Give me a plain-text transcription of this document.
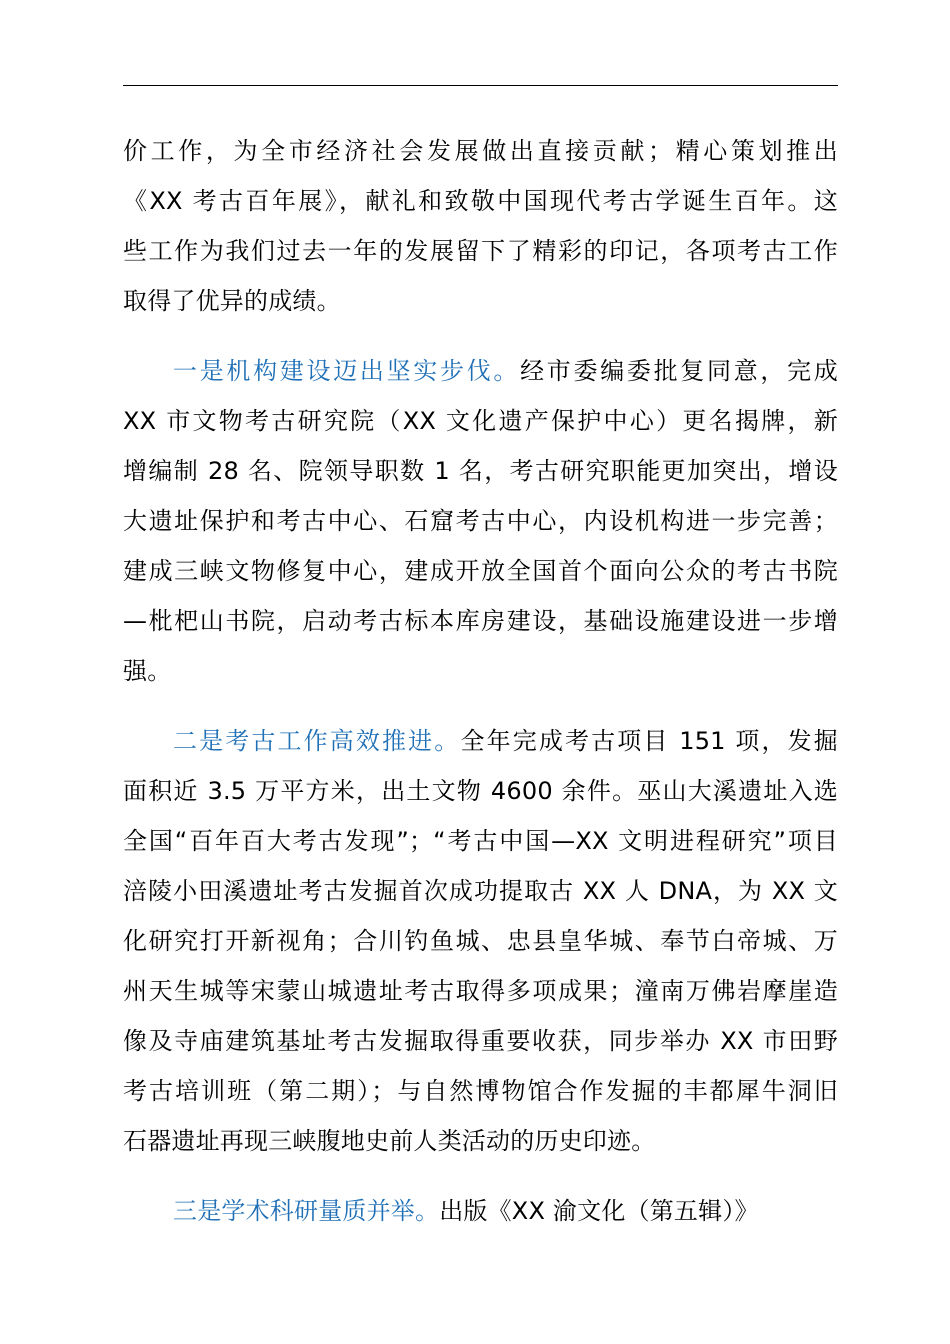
价工作，为全市经济社会发展做出直接贡献；精心策划推出
《XX 考古百年展》，献礼和致敬中国现代考古学诞生百年。这
些工作为我们过去一年的发展留下了精彩的印记，各项考古工作
取得了优异的成绩。
一是机构建设迈出坚实步伐。经市委编委批复同意，完成
XX 市文物考古研究院（XX 文化遗产保护中心）更名揭牌，新
增编制 28 名、院领导职数 1 名，考古研究职能更加突出，增设
大遗址保护和考古中心、石窟考古中心，内设机构进一步完善；
建成三峡文物修复中心，建成开放全国首个面向公众的考古书院
—枇杷山书院，启动考古标本库房建设，基础设施建设进一步增
强。
二是考古工作高效推进。全年完成考古项目 151 项，发掘
面积近 3.5 万平方米，出土文物 4600 余件。巫山大溪遗址入选
全国“百年百大考古发现”；“考古中国—XX 文明进程研究”项目
涪陵小田溪遗址考古发掘首次成功提取古 XX 人 DNA，为 XX 文
化研究打开新视角；合川钓鱼城、忠县皇华城、奉节白帝城、万
州天生城等宋蒙山城遗址考古取得多项成果；潼南万佛岩摩崖造
像及寺庙建筑基址考古发掘取得重要收获，同步举办 XX 市田野
考古培训班（第二期）；与自然博物馆合作发掘的丰都犀牛洞旧
石器遗址再现三峡腹地史前人类活动的历史印迹。
三是学术科研量质并举。出版《XX 渝文化（第五辑）》
